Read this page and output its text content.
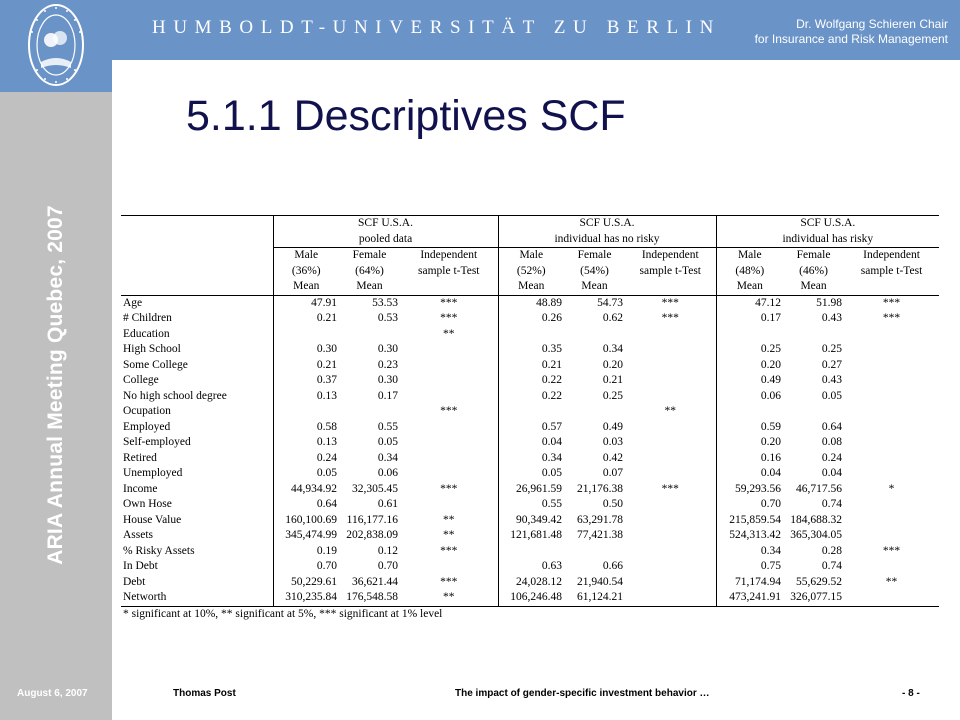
ARIA Annual Meeting Quebec, 2007
HUMBOLDT-UNIVERSITÄT ZU BERLIN	Dr. Wolfgang Schieren Chair
for Insurance and Risk Management
5.1.1 Descriptives SCF
	SCF U.S.A.			SCF U.S.A.			SCF U.S.A.		
	pooled data			individual has no risky			individual has risky		
	Male	Female	Independent	Male	Female	Independent	Male	Female	Independent
	(36%)	(64%)	sample t-Test	(52%)	(54%)	sample t-Test	(48%)	(46%)	sample t-Test
	Mean	Mean		Mean	Mean		Mean	Mean	
Age	47.91	53.53	***	48.89	54.73	***	47.12	51.98	***
# Children	0.21	0.53	***	0.26	0.62	***	0.17	0.43	***
Education			**						
High School	0.30	0.30		0.35	0.34		0.25	0.25	
Some College	0.21	0.23		0.21	0.20		0.20	0.27	
College	0.37	0.30		0.22	0.21		0.49	0.43	
No high school degree	0.13	0.17		0.22	0.25		0.06	0.05	
Ocupation			***			**			
Employed	0.58	0.55		0.57	0.49		0.59	0.64	
Self-employed	0.13	0.05		0.04	0.03		0.20	0.08	
Retired	0.24	0.34		0.34	0.42		0.16	0.24	
Unemployed	0.05	0.06		0.05	0.07		0.04	0.04	
Income	44,934.92	32,305.45	***	26,961.59	21,176.38	***	59,293.56	46,717.56	*
Own Hose	0.64	0.61		0.55	0.50		0.70	0.74	
House Value	160,100.69	116,177.16	**	90,349.42	63,291.78		215,859.54	184,688.32	
Assets	345,474.99	202,838.09	**	121,681.48	77,421.38		524,313.42	365,304.05	
% Risky Assets	0.19	0.12	***				0.34	0.28	***
In Debt	0.70	0.70		0.63	0.66		0.75	0.74	
Debt	50,229.61	36,621.44	***	24,028.12	21,940.54		71,174.94	55,629.52	**
Networth	310,235.84	176,548.58	**	106,246.48	61,124.21		473,241.91	326,077.15	
* significant at 10%, ** significant at 5%, *** significant at 1% level									
August 6, 2007	Thomas Post	The impact of gender-specific investment behavior …	- 8 -
